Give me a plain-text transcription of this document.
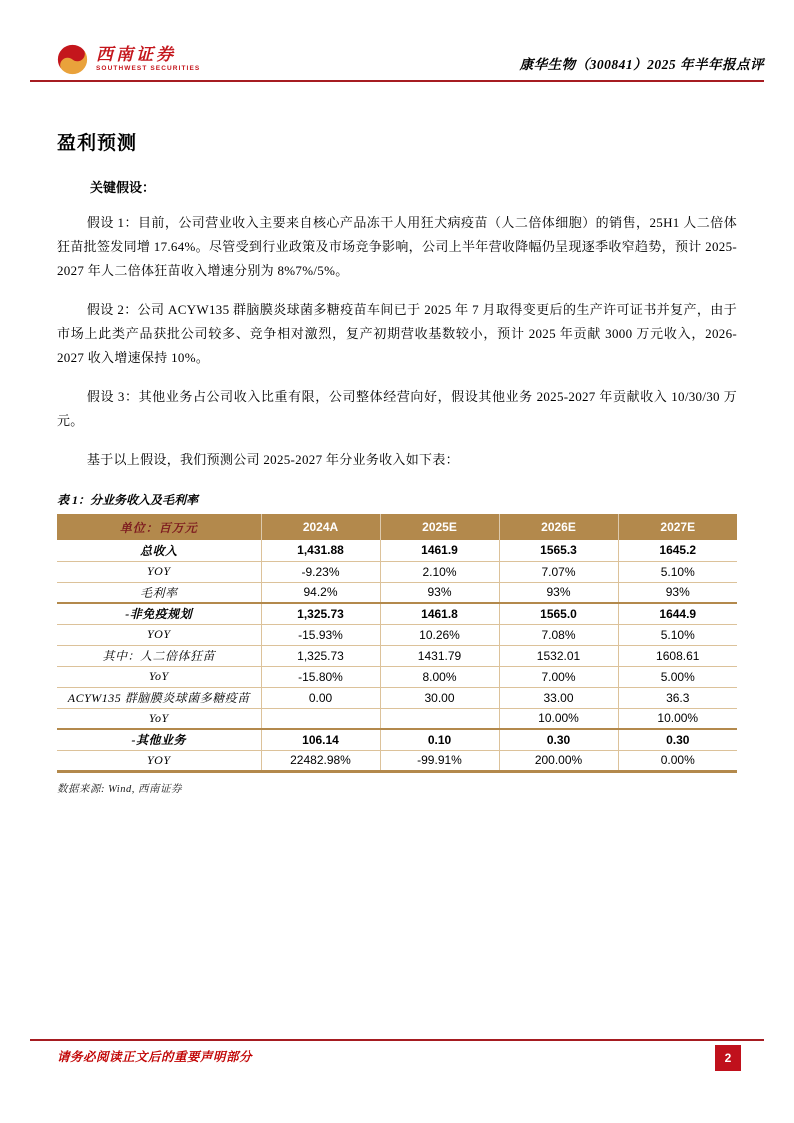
西南证券
SOUTHWEST SECURITIES	康华生物（300841）2025 年半年报点评
盈利预测
关键假设：

假设 1：目前，公司营业收入主要来自核心产品冻干人用狂犬病疫苗（人二倍体细胞）的销售，25H1 人二倍体狂苗批签发同增 17.64%。尽管受到行业政策及市场竞争影响，公司上半年营收降幅仍呈现逐季收窄趋势，预计 2025-2027 年人二倍体狂苗收入增速分别为 8%7%/5%。

假设 2：公司 ACYW135 群脑膜炎球菌多糖疫苗车间已于 2025 年 7 月取得变更后的生产许可证书并复产，由于市场上此类产品获批公司较多、竞争相对激烈，复产初期营收基数较小，预计 2025 年贡献 3000 万元收入，2026-2027 收入增速保持 10%。

假设 3：其他业务占公司收入比重有限，公司整体经营向好，假设其他业务 2025-2027 年贡献收入 10/30/30 万元。

基于以上假设，我们预测公司 2025-2027 年分业务收入如下表：

表 1：分业务收入及毛利率
单位：百万元	2024A	2025E	2026E	2027E
总收入	1,431.88	1461.9	1565.3	1645.2
YOY	-9.23%	2.10%	7.07%	5.10%
毛利率	94.2%	93%	93%	93%
-非免疫规划	1,325.73	1461.8	1565.0	1644.9
YOY	-15.93%	10.26%	7.08%	5.10%
其中：人二倍体狂苗	1,325.73	1431.79	1532.01	1608.61
YoY	-15.80%	8.00%	7.00%	5.00%
ACYW135 群脑膜炎球菌多糖疫苗	0.00	30.00	33.00	36.3
YoY			10.00%	10.00%
-其他业务	106.14	0.10	0.30	0.30
YOY	22482.98%	-99.91%	200.00%	0.00%
数据来源: Wind, 西南证券
请务必阅读正文后的重要声明部分	2
